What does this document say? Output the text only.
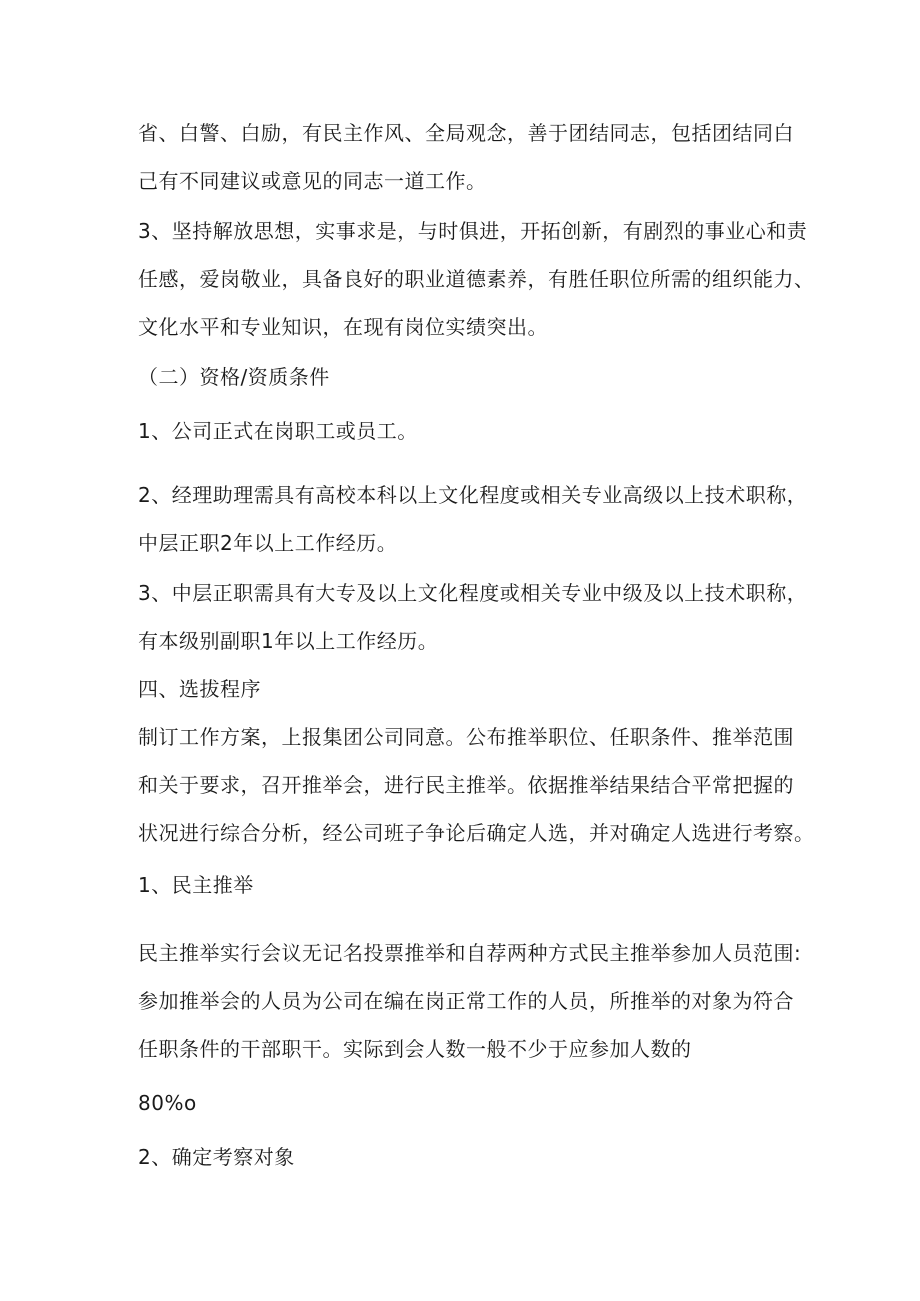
省、白警、白励，有民主作风、全局观念，善于团结同志，包括团结同白
己有不同建议或意见的同志一道工作。
3、坚持解放思想，实事求是，与时俱进，开拓创新，有剧烈的事业心和责
任感，爱岗敬业，具备良好的职业道德素养，有胜任职位所需的组织能力、
文化水平和专业知识，在现有岗位实绩突出。
（二）资格/资质条件
1、公司正式在岗职工或员工。
2、经理助理需具有高校本科以上文化程度或相关专业高级以上技术职称，
中层正职2年以上工作经历。
3、中层正职需具有大专及以上文化程度或相关专业中级及以上技术职称，
有本级别副职1年以上工作经历。
四、选拔程序
制订工作方案，上报集团公司同意。公布推举职位、任职条件、推举范围
和关于要求，召开推举会，进行民主推举。依据推举结果结合平常把握的
状况进行综合分析，经公司班子争论后确定人选，并对确定人选进行考察。
1、民主推举
民主推举实行会议无记名投票推举和自荐两种方式民主推举参加人员范围:
参加推举会的人员为公司在编在岗正常工作的人员，所推举的对象为符合
任职条件的干部职干。实际到会人数一般不少于应参加人数的
80%o
2、确定考察对象
